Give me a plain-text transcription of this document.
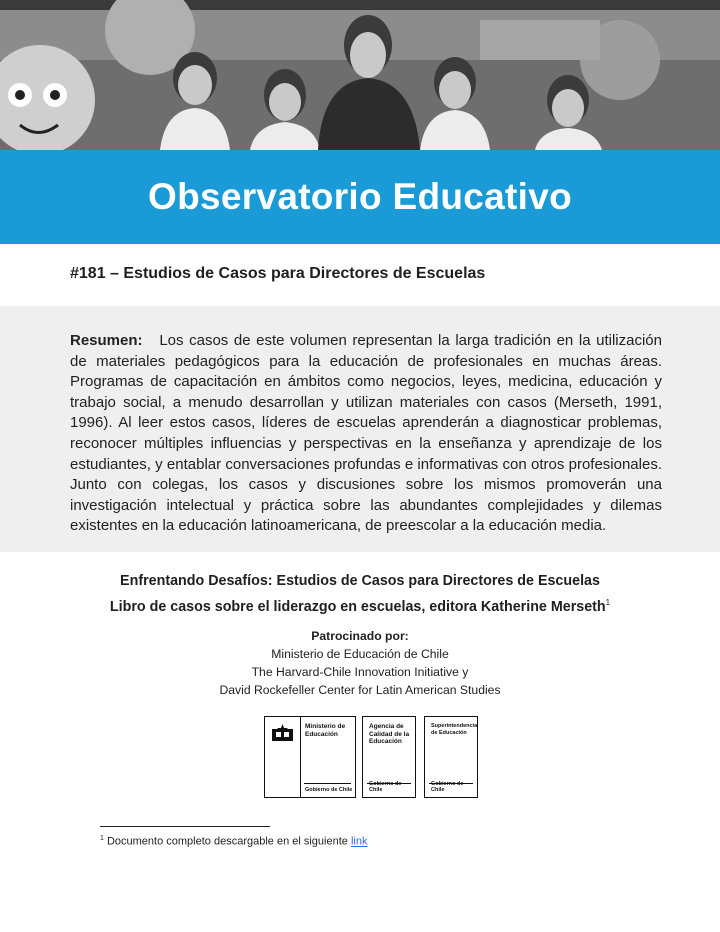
Observatorio Educativo
#181 – Estudios de Casos para Directores de Escuelas

Resumen: Los casos de este volumen representan la larga tradición en la utilización de materiales pedagógicos para la educación de profesionales en muchas áreas. Programas de capacitación en ámbitos como negocios, leyes, medicina, educación y trabajo social, a menudo desarrollan y utilizan materiales con casos (Merseth, 1991, 1996). Al leer estos casos, líderes de escuelas aprenderán a diagnosticar problemas, reconocer múltiples influencias y perspectivas en la enseñanza y aprendizaje de los estudiantes, y entablar conversaciones profundas e informativas con otros profesionales. Junto con colegas, los casos y discusiones sobre los mismos promoverán una investigación intelectual y práctica sobre las abundantes complejidades y dilemas existentes en la educación latinoamericana, de preescolar a la educación media.

Enfrentando Desafíos: Estudios de Casos para Directores de Escuelas
Libro de casos sobre el liderazgo en escuelas, editora Katherine Merseth$^1$
Patrocinado por:
Ministerio de Educación de Chile
The Harvard-Chile Innovation Initiative y
David Rockefeller Center for Latin American Studies
Ministerio de Educación
Gobierno de Chile
Agencia de Calidad de la Educación
Gobierno de Chile
Superintendencia de Educación
Gobierno de Chile
$^1$ Documento completo descargable en el siguiente link
